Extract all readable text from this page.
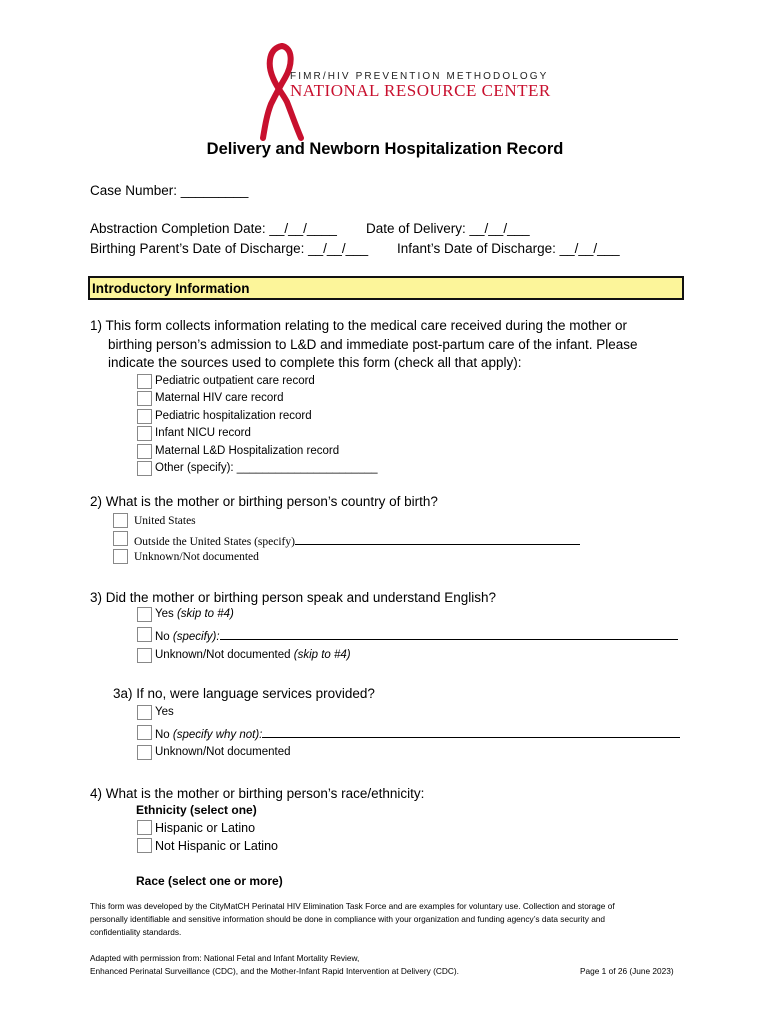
FIMR/HIV PREVENTION METHODOLOGY
NATIONAL RESOURCE CENTER
Delivery and Newborn Hospitalization Record
Case Number: _________
Abstraction Completion Date: __/__/____ Date of Delivery: __/__/___
Birthing Parent’s Date of Discharge: __/__/___ Infant’s Date of Discharge: __/__/___
Introductory Information
1) This form collects information relating to the medical care received during the mother or
birthing person’s admission to L&D and immediate post-partum care of the infant. Please
indicate the sources used to complete this form (check all that apply):
Pediatric outpatient care record
Maternal HIV care record
Pediatric hospitalization record
Infant NICU record
Maternal L&D Hospitalization record
Other (specify): ______________________
2) What is the mother or birthing person’s country of birth?
United States
Outside the United States (specify)
Unknown/Not documented
3) Did the mother or birthing person speak and understand English?
Yes (skip to #4)
No (specify):
Unknown/Not documented (skip to #4)
3a) If no, were language services provided?
Yes
No (specify why not):
Unknown/Not documented
4) What is the mother or birthing person’s race/ethnicity:
Ethnicity (select one)
Hispanic or Latino
Not Hispanic or Latino
Race (select one or more)
This form was developed by the CityMatCH Perinatal HIV Elimination Task Force and are examples for voluntary use. Collection and storage of
personally identifiable and sensitive information should be done in compliance with your organization and funding agency’s data security and
confidentiality standards.
Adapted with permission from: National Fetal and Infant Mortality Review,
Enhanced Perinatal Surveillance (CDC), and the Mother-Infant Rapid Intervention at Delivery (CDC).	Page 1 of 26 (June 2023)
